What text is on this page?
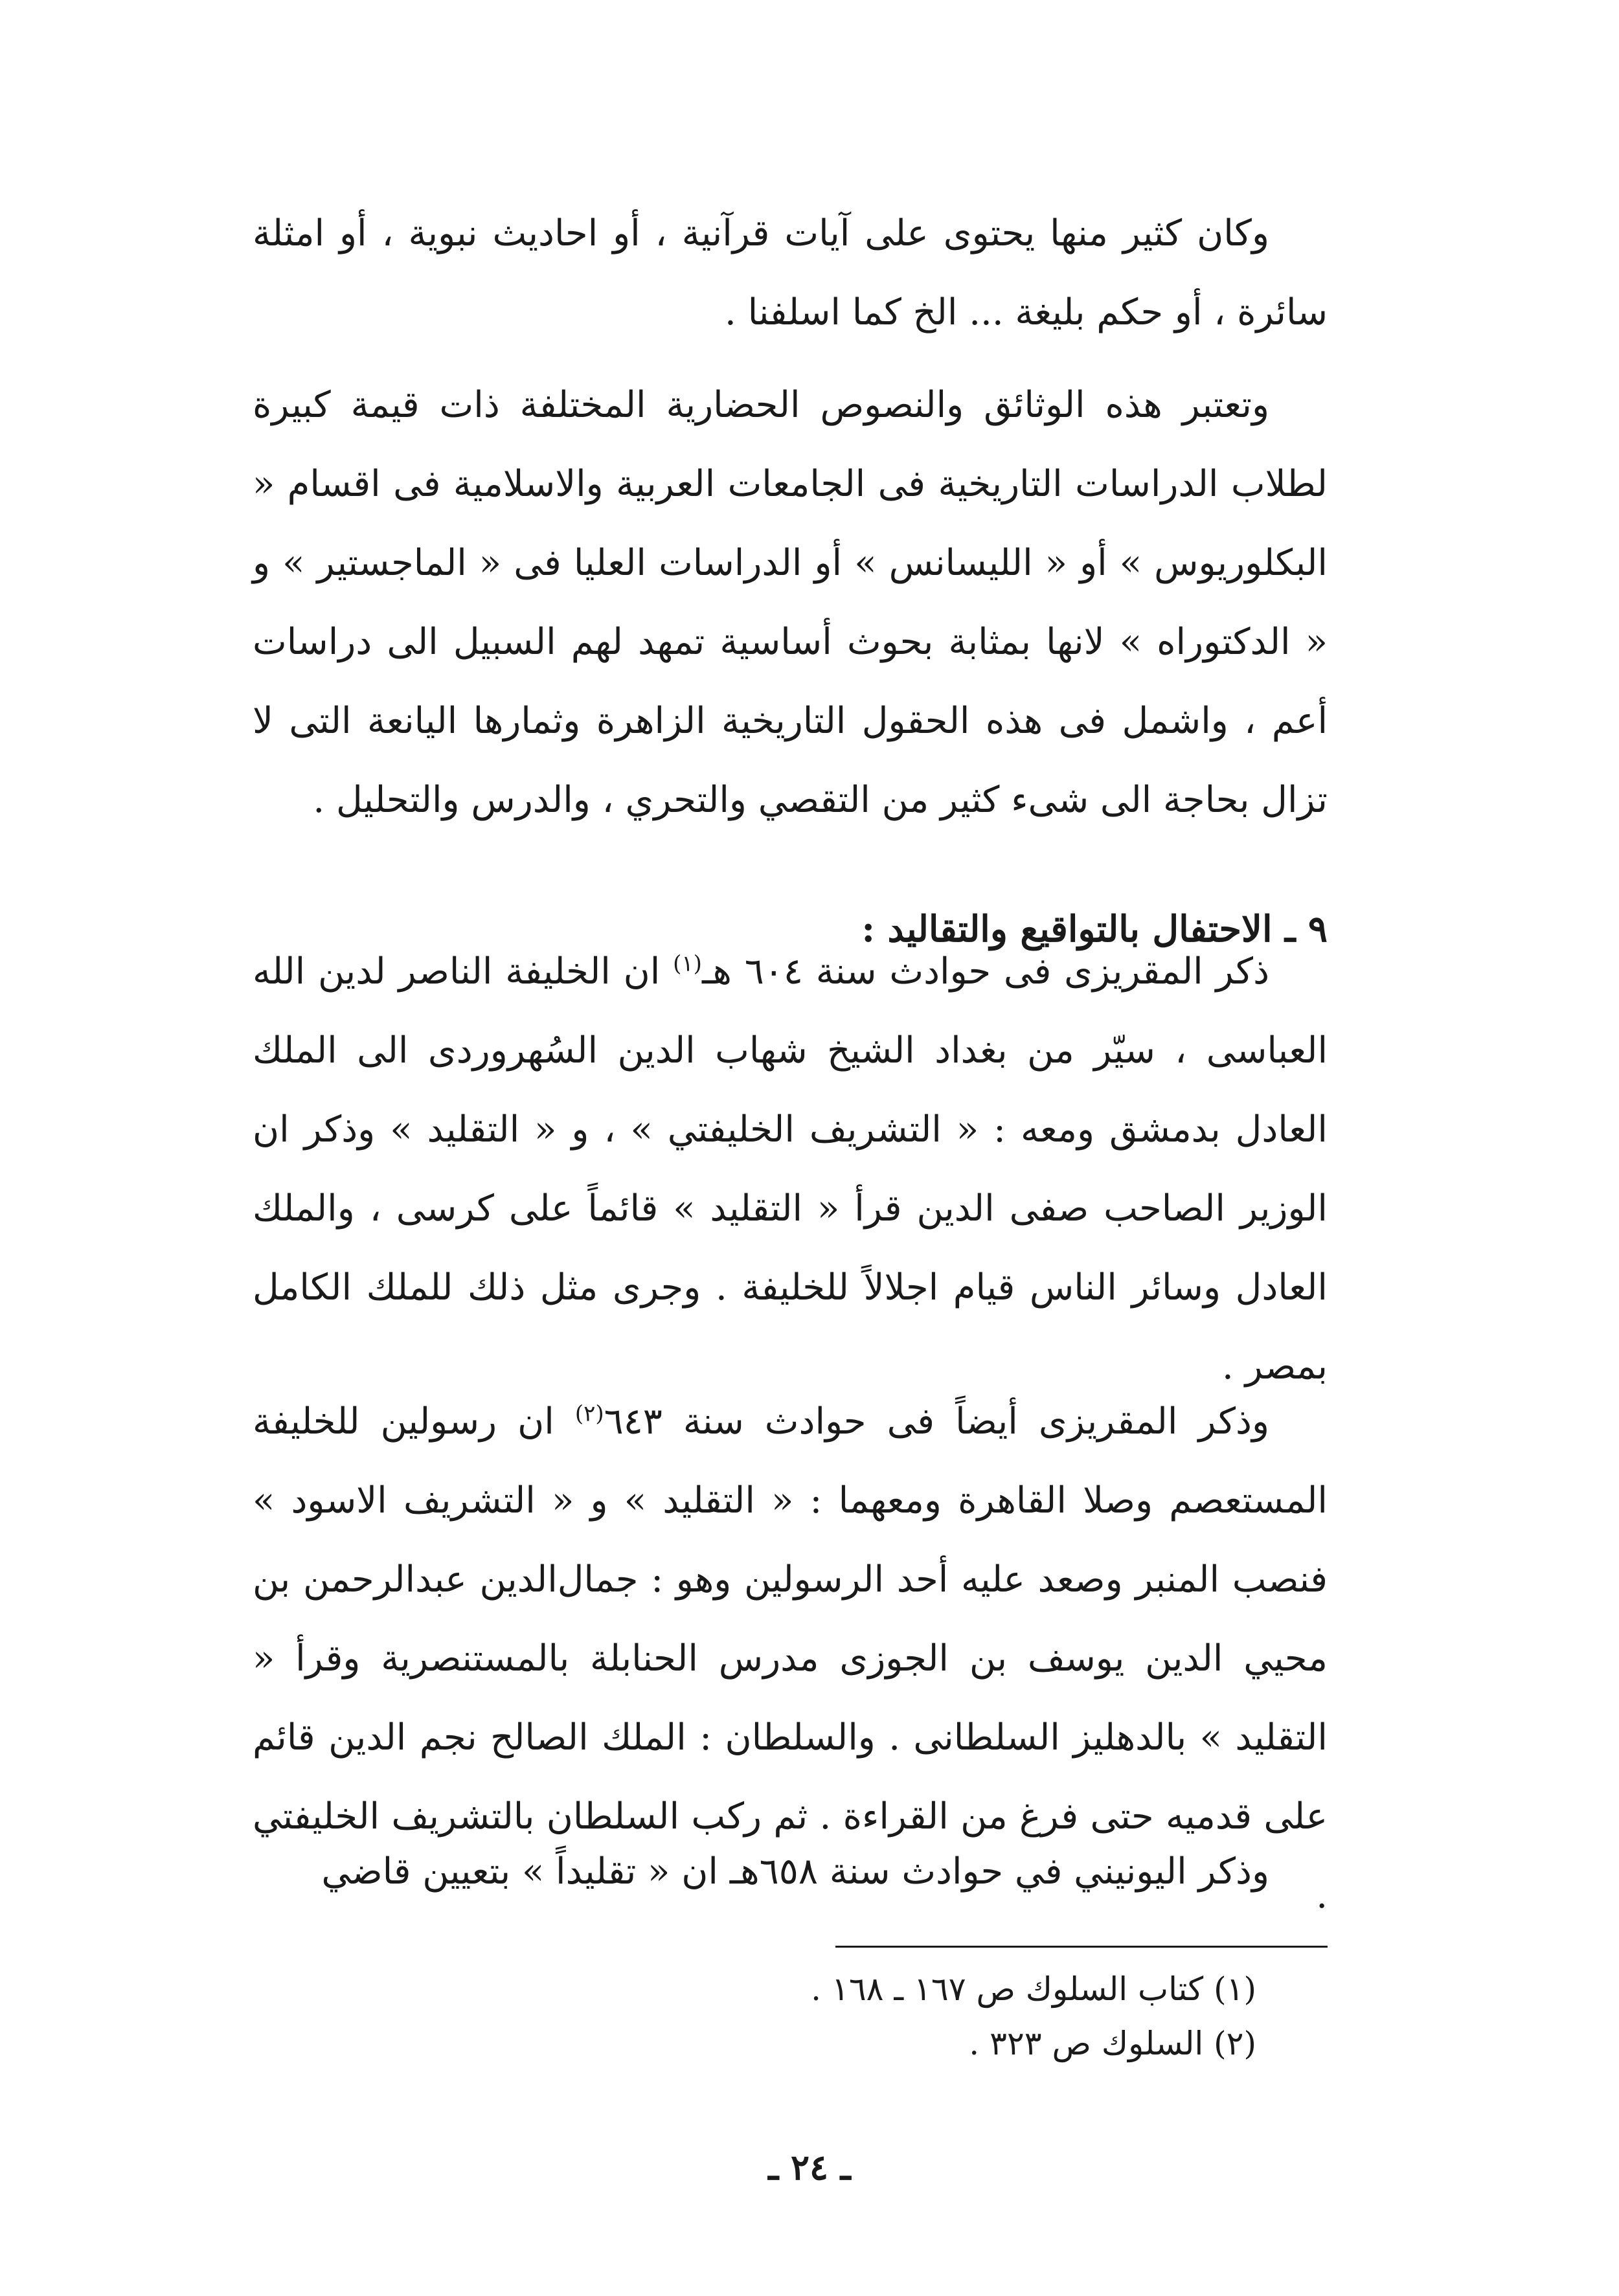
وكان كثير منها يحتوى على آيات قرآنية ، أو احاديث نبوية ، أو امثلة سائرة ، أو حكم بليغة ... الخ كما اسلفنا .

وتعتبر هذه الوثائق والنصوص الحضارية المختلفة ذات قيمة كبيرة لطلاب الدراسات التاريخية فى الجامعات العربية والاسلامية فى اقسام « البكلوريوس » أو « الليسانس » أو الدراسات العليا فى « الماجستير » و « الدكتوراه » لانها بمثابة بحوث أساسية تمهد لهم السبيل الى دراسات أعم ، واشمل فى هذه الحقول التاريخية الزاهرة وثمارها اليانعة التى لا تزال بحاجة الى شىء كثير من التقصي والتحري ، والدرس والتحليل .

٩ ـ الاحتفال بالتواقيع والتقاليد :

ذكر المقريزى فى حوادث سنة ٦٠٤ هـ$^{(١)}$ ان الخليفة الناصر لدين الله العباسى ، سيّر من بغداد الشيخ شهاب الدين السُهروردى الى الملك العادل بدمشق ومعه : « التشريف الخليفتي » ، و « التقليد » وذكر ان الوزير الصاحب صفى الدين قرأ « التقليد » قائماً على كرسى ، والملك العادل وسائر الناس قيام اجلالاً للخليفة . وجرى مثل ذلك للملك الكامل بمصر .

وذكر المقريزى أيضاً فى حوادث سنة ٦٤٣$^{(٢)}$ ان رسولين للخليفة المستعصم وصلا القاهرة ومعهما : « التقليد » و « التشريف الاسود » فنصب المنبر وصعد عليه أحد الرسولين وهو : جمال‌الدين عبدالرحمن بن محيي الدين يوسف بن الجوزى مدرس الحنابلة بالمستنصرية وقرأ « التقليد » بالدهليز السلطانى . والسلطان : الملك الصالح نجم الدين قائم على قدميه حتى فرغ من القراءة . ثم ركب السلطان بالتشريف الخليفتي .

وذكر اليونيني في حوادث سنة ٦٥٨هـ ان « تقليداً » بتعيين قاضي

(١) كتاب السلوك ص ١٦٧ ـ ١٦٨ .

(٢) السلوك ص ٣٢٣ .

ـ ٢٤ ـ
